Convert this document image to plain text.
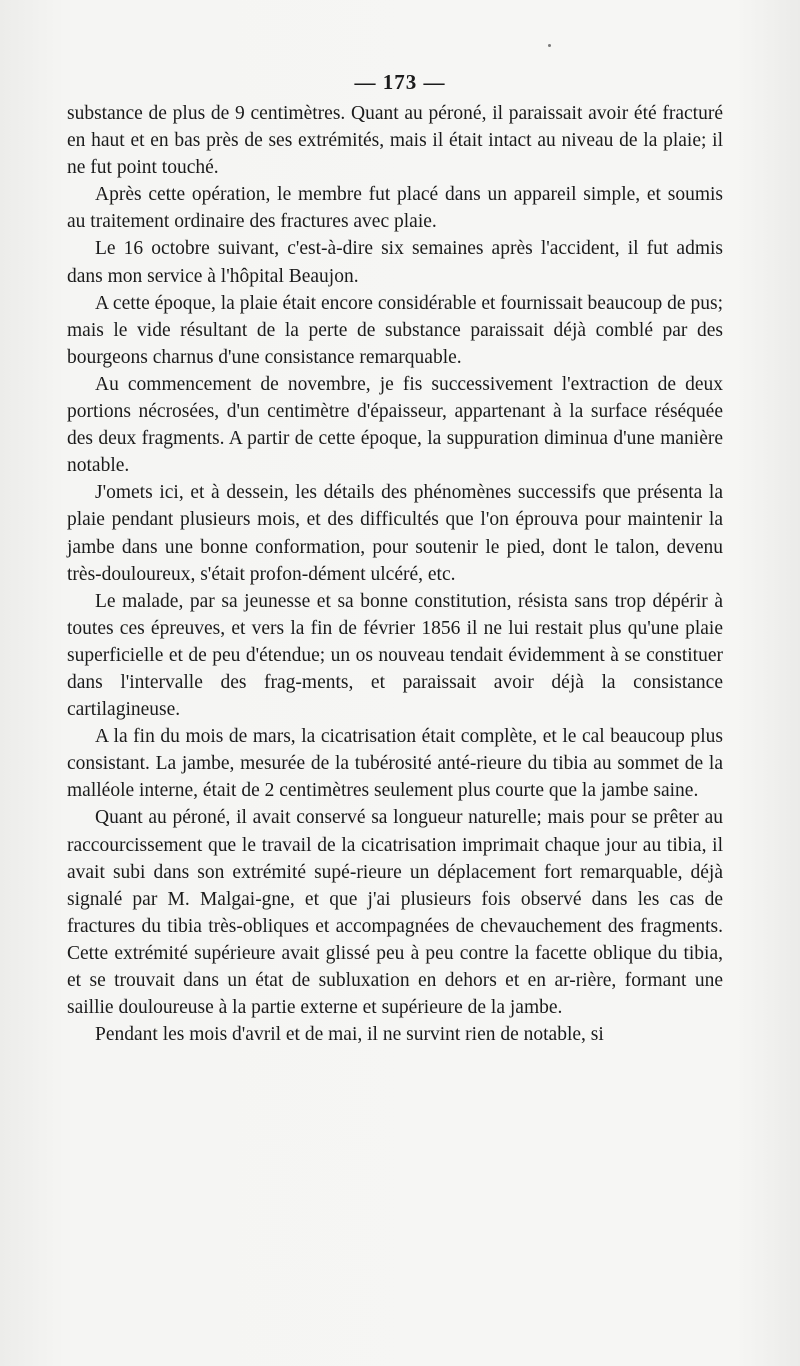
— 173 —

substance de plus de 9 centimètres. Quant au péroné, il paraissait avoir été fracturé en haut et en bas près de ses extrémités, mais il était intact au niveau de la plaie; il ne fut point touché.

Après cette opération, le membre fut placé dans un appareil simple, et soumis au traitement ordinaire des fractures avec plaie.

Le 16 octobre suivant, c'est-à-dire six semaines après l'accident, il fut admis dans mon service à l'hôpital Beaujon.

A cette époque, la plaie était encore considérable et fournissait beaucoup de pus; mais le vide résultant de la perte de substance paraissait déjà comblé par des bourgeons charnus d'une consistance remarquable.

Au commencement de novembre, je fis successivement l'extraction de deux portions nécrosées, d'un centimètre d'épaisseur, appartenant à la surface réséquée des deux fragments. A partir de cette époque, la suppuration diminua d'une manière notable.

J'omets ici, et à dessein, les détails des phénomènes successifs que présenta la plaie pendant plusieurs mois, et des difficultés que l'on éprouva pour maintenir la jambe dans une bonne conformation, pour soutenir le pied, dont le talon, devenu très-douloureux, s'était profon-dément ulcéré, etc.

Le malade, par sa jeunesse et sa bonne constitution, résista sans trop dépérir à toutes ces épreuves, et vers la fin de février 1856 il ne lui restait plus qu'une plaie superficielle et de peu d'étendue; un os nouveau tendait évidemment à se constituer dans l'intervalle des frag-ments, et paraissait avoir déjà la consistance cartilagineuse.

A la fin du mois de mars, la cicatrisation était complète, et le cal beaucoup plus consistant. La jambe, mesurée de la tubérosité anté-rieure du tibia au sommet de la malléole interne, était de 2 centimètres seulement plus courte que la jambe saine.

Quant au péroné, il avait conservé sa longueur naturelle; mais pour se prêter au raccourcissement que le travail de la cicatrisation imprimait chaque jour au tibia, il avait subi dans son extrémité supé-rieure un déplacement fort remarquable, déjà signalé par M. Malgai-gne, et que j'ai plusieurs fois observé dans les cas de fractures du tibia très-obliques et accompagnées de chevauchement des fragments. Cette extrémité supérieure avait glissé peu à peu contre la facette oblique du tibia, et se trouvait dans un état de subluxation en dehors et en ar-rière, formant une saillie douloureuse à la partie externe et supérieure de la jambe.

Pendant les mois d'avril et de mai, il ne survint rien de notable, si
